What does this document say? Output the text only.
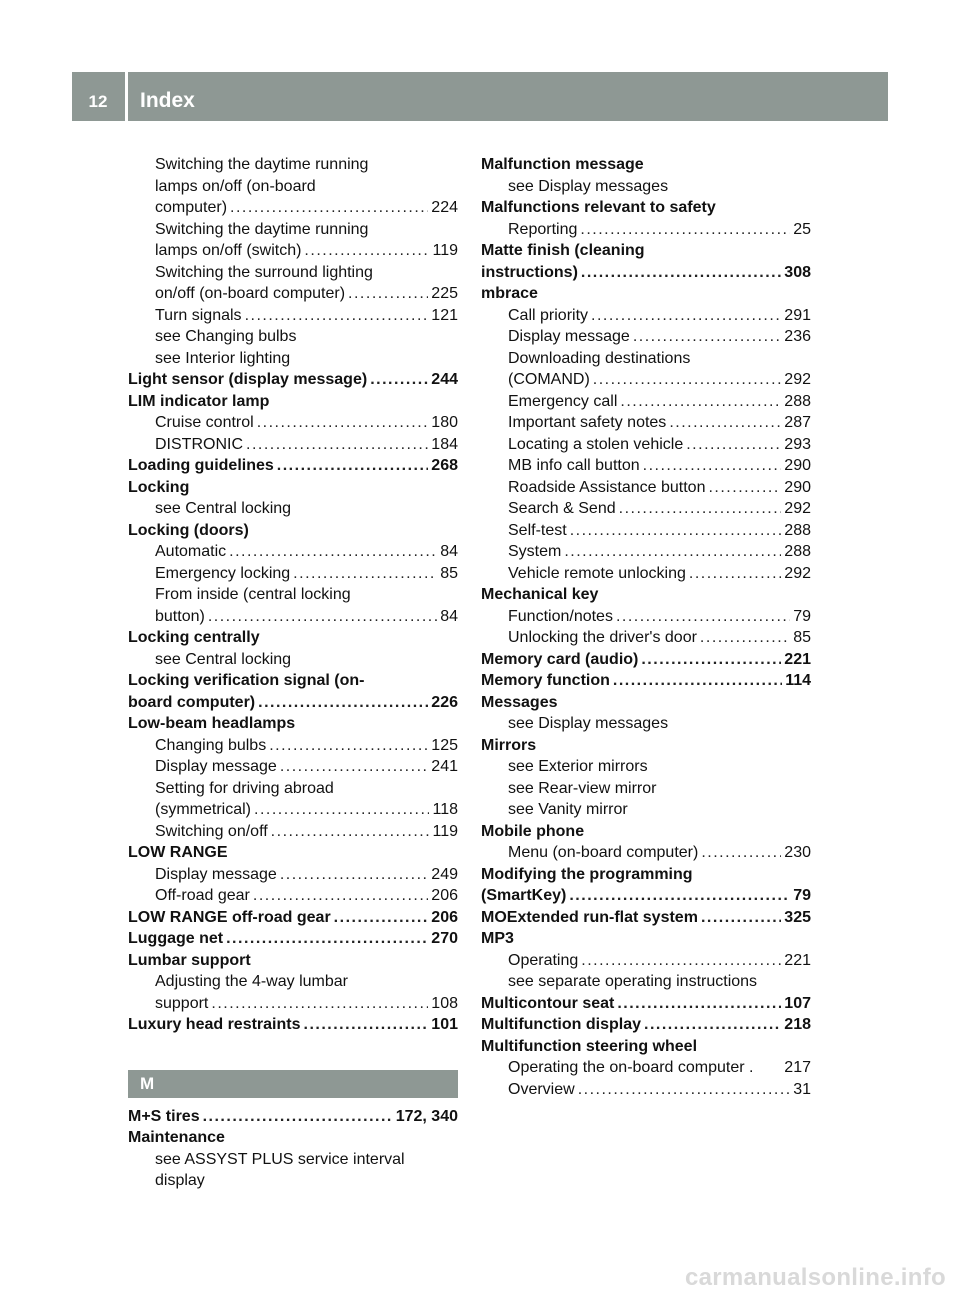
12	Index
Switching the daytime running
lamps on/off (on-board
computer) .....	224
Switching the daytime running
lamps on/off (switch) .....	119
Switching the surround lighting
on/off (on-board computer) .....	225
Turn signals .....	121
see Changing bulbs
see Interior lighting
Light sensor (display message) .....	244
LIM indicator lamp
Cruise control .....	180
DISTRONIC .....	184
Loading guidelines .....	268
Locking
see Central locking
Locking (doors)
Automatic .....	84
Emergency locking .....	85
From inside (central locking
button) .....	84
Locking centrally
see Central locking
Locking verification signal (on-
board computer) .....	226
Low-beam headlamps
Changing bulbs .....	125
Display message .....	241
Setting for driving abroad
(symmetrical) .....	118
Switching on/off .....	119
LOW RANGE
Display message .....	249
Off-road gear .....	206
LOW RANGE off-road gear .....	206
Luggage net .....	270
Lumbar support
Adjusting the 4-way lumbar
support .....	108
Luxury head restraints .....	101
M
M+S tires .....	172, 340
Maintenance
see ASSYST PLUS service interval
display
Malfunction message
see Display messages
Malfunctions relevant to safety
Reporting .....	25
Matte finish (cleaning
instructions) .....	308
mbrace
Call priority .....	291
Display message .....	236
Downloading destinations
(COMAND) .....	292
Emergency call .....	288
Important safety notes .....	287
Locating a stolen vehicle .....	293
MB info call button .....	290
Roadside Assistance button .....	290
Search & Send .....	292
Self-test .....	288
System .....	288
Vehicle remote unlocking .....	292
Mechanical key
Function/notes .....	79
Unlocking the driver's door .....	85
Memory card (audio) .....	221
Memory function .....	114
Messages
see Display messages
Mirrors
see Exterior mirrors
see Rear-view mirror
see Vanity mirror
Mobile phone
Menu (on-board computer) .....	230
Modifying the programming
(SmartKey) .....	79
MOExtended run-flat system .....	325
MP3
Operating .....	221
see separate operating instructions
Multicontour seat .....	107
Multifunction display .....	218
Multifunction steering wheel
Operating the on-board computer . 217
Overview .....	31
carmanualsonline.info
